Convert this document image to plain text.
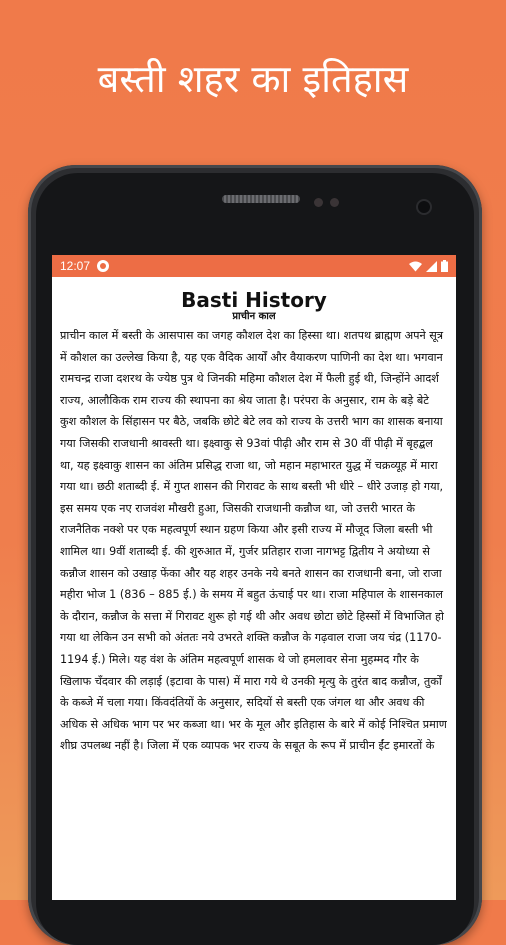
बस्ती शहर का इतिहास
12:07
Basti History
प्राचीन काल

प्राचीन काल में बस्ती के आसपास का जगह कौशल देश का हिस्सा था। शतपथ ब्राह्मण अपने सूत्र में कौशल का उल्लेख किया है, यह एक वैदिक आर्यों और वैयाकरण पाणिनी का देश था। भगवान रामचन्द्र राजा दशरथ के ज्येष्ठ पुत्र थे जिनकी महिमा कौशल देश में फैली हुई थी, जिन्होंने आदर्श राज्य, आलौकिक राम राज्य की स्थापना का श्रेय जाता है। परंपरा के अनुसार, राम के बड़े बेटे कुश कौशल के सिंहासन पर बैठे, जबकि छोटे बेटे लव को राज्य के उत्तरी भाग का शासक बनाया गया जिसकी राजधानी श्रावस्ती था। इक्ष्वाकु से 93वां पीढ़ी और राम से 30 वीं पीढ़ी में बृहद्बल था, यह इक्ष्वाकु शासन का अंतिम प्रसिद्ध राजा था, जो महान महाभारत युद्ध में चक्रव्यूह में मारा गया था। छठी शताब्दी ई. में गुप्त शासन की गिरावट के साथ बस्ती भी धीरे – धीरे उजाड़ हो गया, इस समय एक नए राजवंश मौखरी हुआ, जिसकी राजधानी कन्नौज था, जो उत्तरी भारत के राजनैतिक नक्शे पर एक महत्वपूर्ण स्थान ग्रहण किया और इसी राज्य में मौजूद जिला बस्ती भी शामिल था। 9वीं शताब्दी ई. की शुरुआत में, गुर्जर प्रतिहार राजा नागभट्ट द्वितीय ने अयोध्या से कन्नौज शासन को उखाड़ फेंका और यह शहर उनके नये बनते शासन का राजधानी बना, जो राजा महीरा भोज 1 (836 – 885 ई.) के समय में बहुत ऊंचाई पर था। राजा महिपाल के शासनकाल के दौरान, कन्नौज के सत्ता में गिरावट शुरू हो गई थी और अवध छोटा छोटे हिस्सों में विभाजित हो गया था लेकिन उन सभी को अंततः नये उभरते शक्ति कन्नौज के गढ़वाल राजा जय चंद्र (1170-1194 ई.) मिले। यह वंश के अंतिम महत्वपूर्ण शासक थे जो हमलावर सेना मुहम्मद गौर के खिलाफ चँदवार की लड़ाई (इटावा के पास) में मारा गये थे उनकी मृत्यु के तुरंत बाद कन्नौज, तुर्कों के कब्जे में चला गया। किंवदंतियों के अनुसार, सदियों से बस्ती एक जंगल था और अवध की अधिक से अधिक भाग पर भर कब्जा था। भर के मूल और इतिहास के बारे में कोई निश्चित प्रमाण शीघ्र उपलब्ध नहीं है। जिला में एक व्यापक भर राज्य के सबूत के रूप में प्राचीन ईंट इमारतों के
